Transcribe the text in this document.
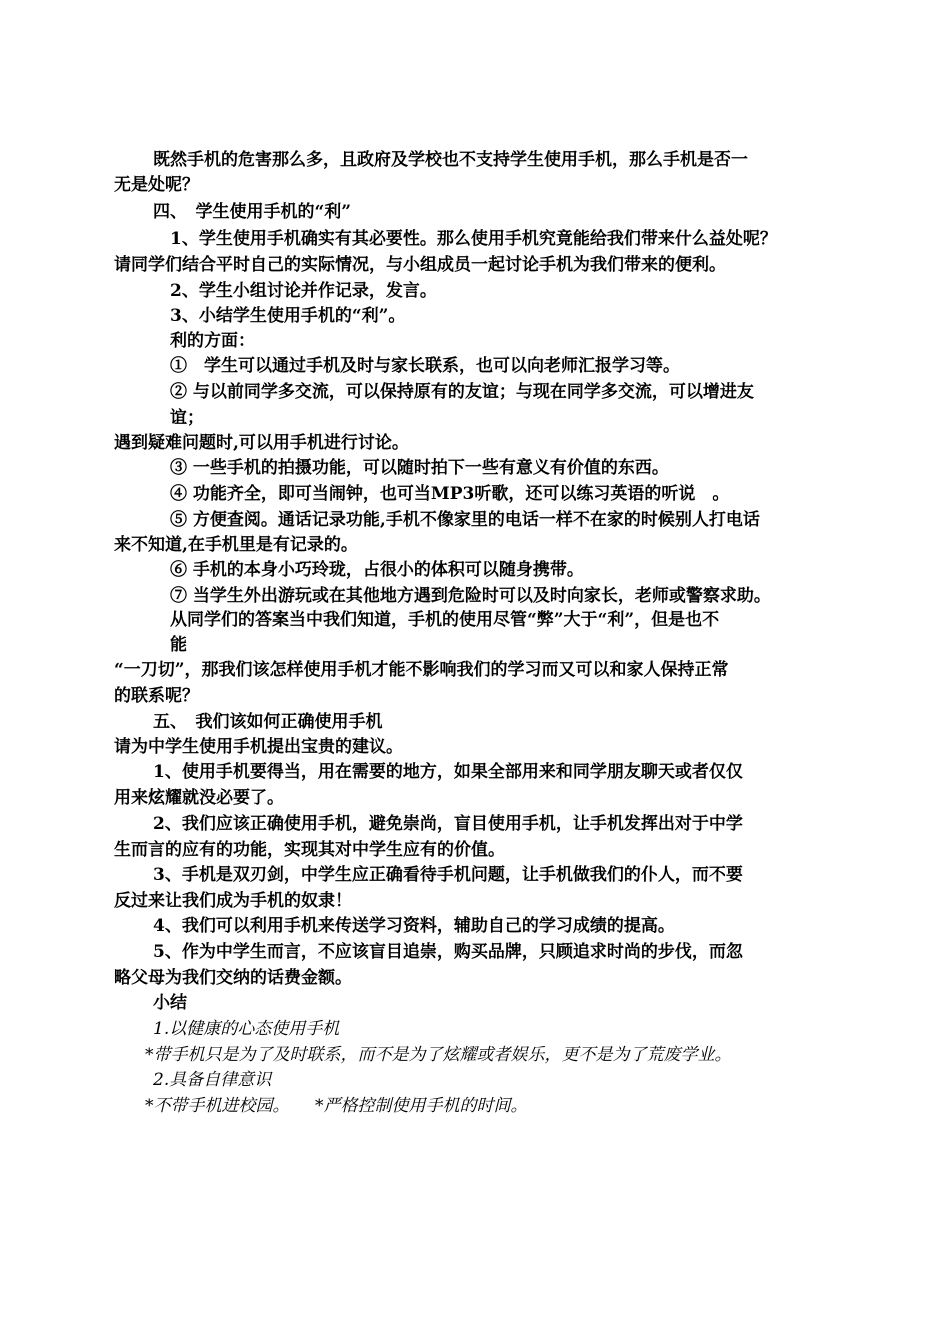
既然手机的危害那么多，且政府及学校也不支持学生使用手机，那么手机是否一
无是处呢？
四、　学生使用手机的“利”
1、学生使用手机确实有其必要性。那么使用手机究竟能给我们带来什么益处呢？
请同学们结合平时自己的实际情况，与小组成员一起讨论手机为我们带来的便利。
2、学生小组讨论并作记录，发言。
3、小结学生使用手机的“利”。
利的方面：
①　学生可以通过手机及时与家长联系，也可以向老师汇报学习等。
② 与以前同学多交流，可以保持原有的友谊；与现在同学多交流，可以增进友
谊；
遇到疑难问题时,可以用手机进行讨论。
③ 一些手机的拍摄功能，可以随时拍下一些有意义有价值的东西。
④ 功能齐全，即可当闹钟，也可当MP3听歌，还可以练习英语的听说　。
⑤ 方便查阅。通话记录功能,手机不像家里的电话一样不在家的时候别人打电话
来不知道,在手机里是有记录的。
⑥ 手机的本身小巧玲珑，占很小的体积可以随身携带。
⑦ 当学生外出游玩或在其他地方遇到危险时可以及时向家长，老师或警察求助。
从同学们的答案当中我们知道，手机的使用尽管“弊”大于“利”，但是也不
能
“一刀切”，那我们该怎样使用手机才能不影响我们的学习而又可以和家人保持正常
的联系呢？
五、　我们该如何正确使用手机
请为中学生使用手机提出宝贵的建议。
1、使用手机要得当，用在需要的地方，如果全部用来和同学朋友聊天或者仅仅
用来炫耀就没必要了。
2、我们应该正确使用手机，避免崇尚，盲目使用手机，让手机发挥出对于中学
生而言的应有的功能，实现其对中学生应有的价值。
3、手机是双刃剑，中学生应正确看待手机问题，让手机做我们的仆人，而不要
反过来让我们成为手机的奴隶！
4、我们可以利用手机来传送学习资料，辅助自己的学习成绩的提高。
5、作为中学生而言，不应该盲目追崇，购买品牌，只顾追求时尚的步伐，而忽
略父母为我们交纳的话费金额。
小结
1.以健康的心态使用手机
*带手机只是为了及时联系，而不是为了炫耀或者娱乐，更不是为了荒废学业。
2.具备自律意识
*不带手机进校园。　　*严格控制使用手机的时间。
